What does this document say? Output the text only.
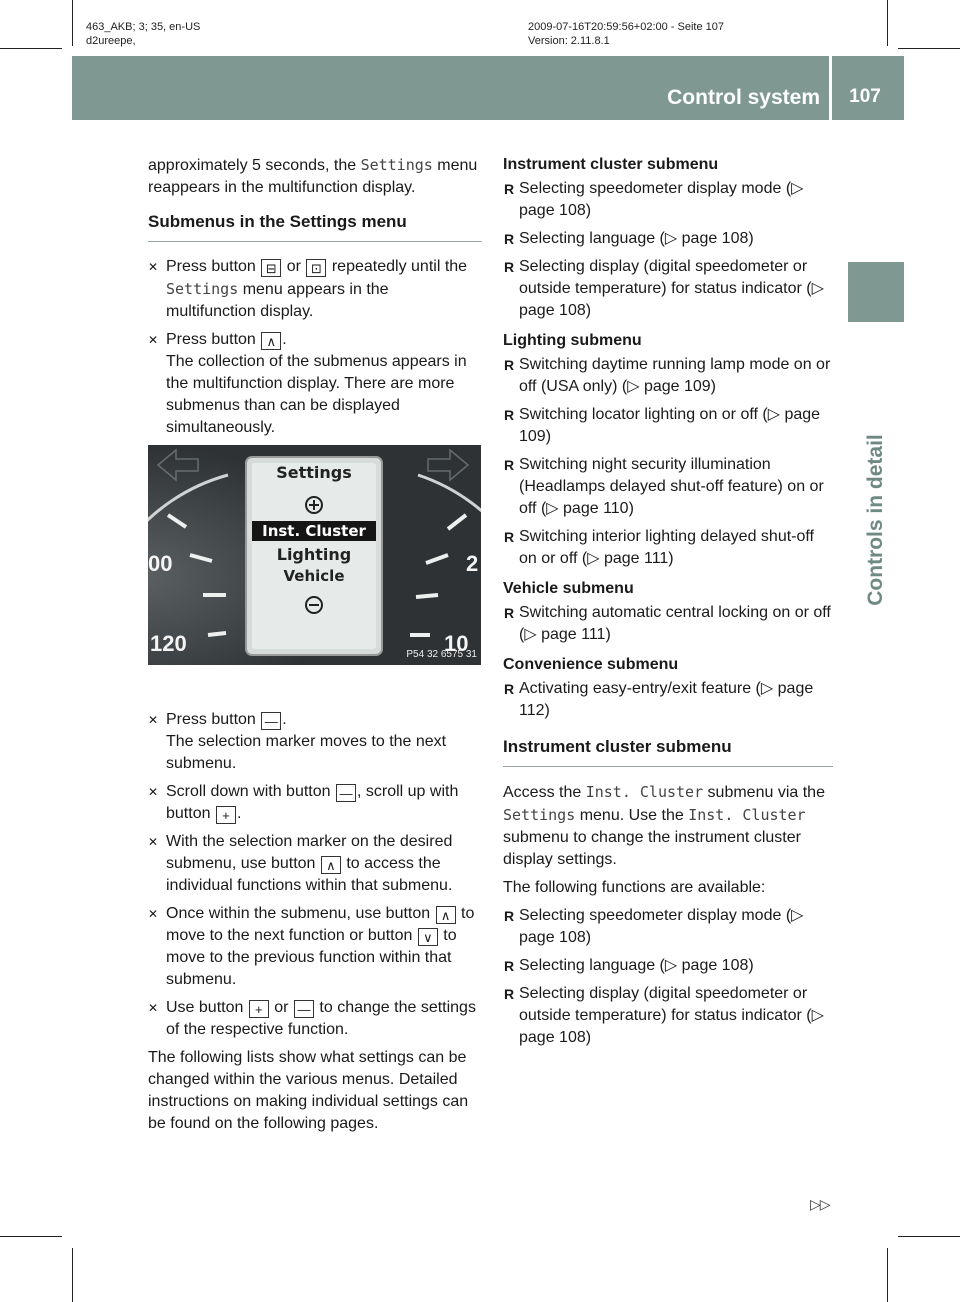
463_AKB; 3; 35, en-US
d2ureepe,
2009-07-16T20:59:56+02:00 - Seite 107
Version: 2.11.8.1
Control system	107
Controls in detail

approximately 5 seconds, the Settings menu reappears in the multifunction display.

Submenus in the Settings menu
✕ Press button ⊟ or ⊡ repeatedly until the Settings menu appears in the multifunction display.
✕ Press button ∧ .
The collection of the submenus appears in the multifunction display. There are more submenus than can be displayed simultaneously.
✕ Press button — .
The selection marker moves to the next submenu.
✕ Scroll down with button — , scroll up with button + .
✕ With the selection marker on the desired submenu, use button ∧ to access the individual functions within that submenu.
✕ Once within the submenu, use button ∧ to move to the next function or button ∨ to move to the previous function within that submenu.
✕ Use button + or — to change the settings of the respective function.

The following lists show what settings can be changed within the various menus. Detailed instructions on making individual settings can be found on the following pages.

Settings
Inst. Cluster
Lighting
Vehicle
00
120
2
10
P54 32 6575 31
Instrument cluster submenu
R Selecting speedometer display mode (▷ page 108)
R Selecting language (▷ page 108)
R Selecting display (digital speedometer or outside temperature) for status indicator (▷ page 108)
Lighting submenu
R Switching daytime running lamp mode on or off (USA only) (▷ page 109)
R Switching locator lighting on or off (▷ page 109)
R Switching night security illumination (Headlamps delayed shut-off feature) on or off (▷ page 110)
R Switching interior lighting delayed shut-off on or off (▷ page 111)
Vehicle submenu
R Switching automatic central locking on or off (▷ page 111)
Convenience submenu
R Activating easy-entry/exit feature (▷ page 112)
Instrument cluster submenu

Access the Inst. Cluster submenu via the Settings menu. Use the Inst. Cluster submenu to change the instrument cluster display settings.

The following functions are available:

R Selecting speedometer display mode (▷ page 108)
R Selecting language (▷ page 108)
R Selecting display (digital speedometer or outside temperature) for status indicator (▷ page 108)
▷▷
